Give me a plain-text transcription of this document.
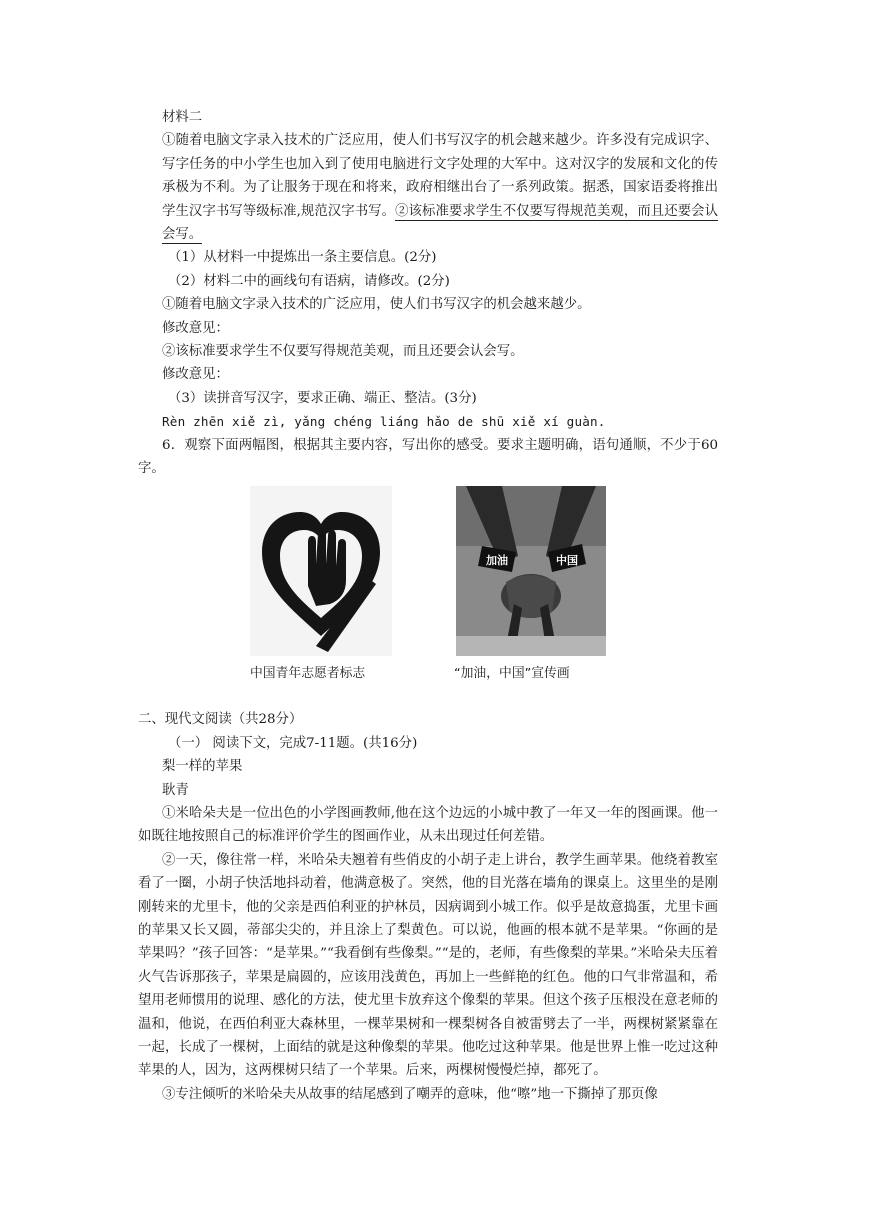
材料二
①随着电脑文字录入技术的广泛应用，使人们书写汉字的机会越来越少。许多没有完成识字、写字任务的中小学生也加入到了使用电脑进行文字处理的大军中。这对汉字的发展和文化的传承极为不利。为了让服务于现在和将来，政府相继出台了一系列政策。据悉，国家语委将推出学生汉字书写等级标准,规范汉字书写。②该标准要求学生不仅要写得规范美观，而且还要会认会写。
（1）从材料一中提炼出一条主要信息。(2分)
（2）材料二中的画线句有语病，请修改。(2分)
①随着电脑文字录入技术的广泛应用，使人们书写汉字的机会越来越少。
修改意见：
②该标准要求学生不仅要写得规范美观，而且还要会认会写。
修改意见：
（3）读拼音写汉字，要求正确、端正、整洁。(3分)
Rèn zhēn xiě zì, yǎng chéng liáng hǎo de shū xiě xí guàn.
6．观察下面两幅图，根据其主要内容，写出你的感受。要求主题明确，语句通顺，不少于60字。
中国青年志愿者标志
加油	中国
“加油，中国”宣传画
二、现代文阅读（共28分）
（一） 阅读下文，完成7-11题。(共16分)
梨一样的苹果
耿青
①米哈朵夫是一位出色的小学图画教师,他在这个边远的小城中教了一年又一年的图画课。他一如既往地按照自己的标准评价学生的图画作业，从未出现过任何差错。
②一天，像往常一样，米哈朵夫翘着有些俏皮的小胡子走上讲台，教学生画苹果。他绕着教室看了一圈，小胡子快活地抖动着，他满意极了。突然，他的目光落在墙角的课桌上。这里坐的是刚刚转来的尤里卡，他的父亲是西伯利亚的护林员，因病调到小城工作。似乎是故意捣蛋，尤里卡画的苹果又长又圆，蒂部尖尖的，并且涂上了梨黄色。可以说，他画的根本就不是苹果。“你画的是苹果吗？”孩子回答：“是苹果。”“我看倒有些像梨。”“是的，老师，有些像梨的苹果。”米哈朵夫压着火气告诉那孩子，苹果是扁圆的，应该用浅黄色，再加上一些鲜艳的红色。他的口气非常温和，希望用老师惯用的说理、感化的方法，使尤里卡放弃这个像梨的苹果。但这个孩子压根没在意老师的温和，他说，在西伯利亚大森林里，一棵苹果树和一棵梨树各自被雷劈去了一半，两棵树紧紧靠在一起，长成了一棵树，上面结的就是这种像梨的苹果。他吃过这种苹果。他是世界上惟一吃过这种苹果的人，因为，这两棵树只结了一个苹果。后来，两棵树慢慢烂掉，都死了。
③专注倾听的米哈朵夫从故事的结尾感到了嘲弄的意味，他“嚓”地一下撕掉了那页像
